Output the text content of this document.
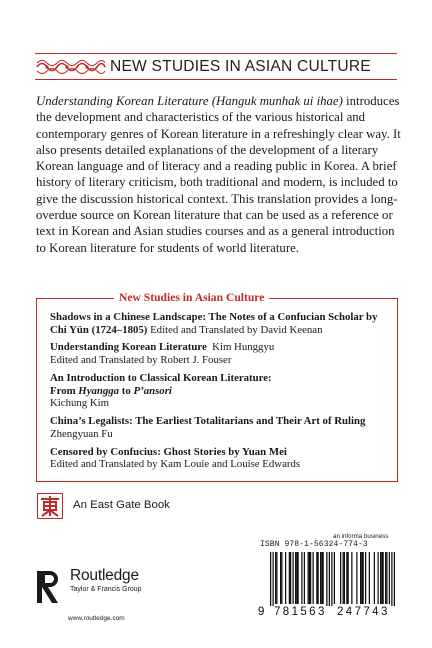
NEW STUDIES IN ASIAN CULTURE

Understanding Korean Literature (Hanguk munhak ui ihae) introduces the development and characteristics of the various historical and contemporary genres of Korean literature in a refreshingly clear way. It also presents detailed explanations of the development of a literary Korean language and of literacy and a reading public in Korea. A brief history of literary criticism, both traditional and modern, is included to give the discussion historical context. This translation provides a long-overdue source on Korean literature that can be used as a reference or text in Korean and Asian studies courses and as a general introduction to Korean literature for students of world literature.

New Studies in Asian Culture
Shadows in a Chinese Landscape: The Notes of a Confucian Scholar by Chi Yün (1724–1805) Edited and Translated by David Keenan
Understanding Korean Literature  Kim Hunggyu
Edited and Translated by Robert J. Fouser
An Introduction to Classical Korean Literature:
From Hyangga to P’ansori
Kichung Kim
China’s Legalists: The Earliest Totalitarians and Their Art of Ruling
Zhengyuan Fu
Censored by Confucius: Ghost Stories by Yuan Mei
Edited and Translated by Kam Louie and Louise Edwards
An East Gate Book
Routledge
Taylor & Francis Group
www.routledge.com
an informa business
ISBN 978-1-56324-774-3
9 781563 247743
